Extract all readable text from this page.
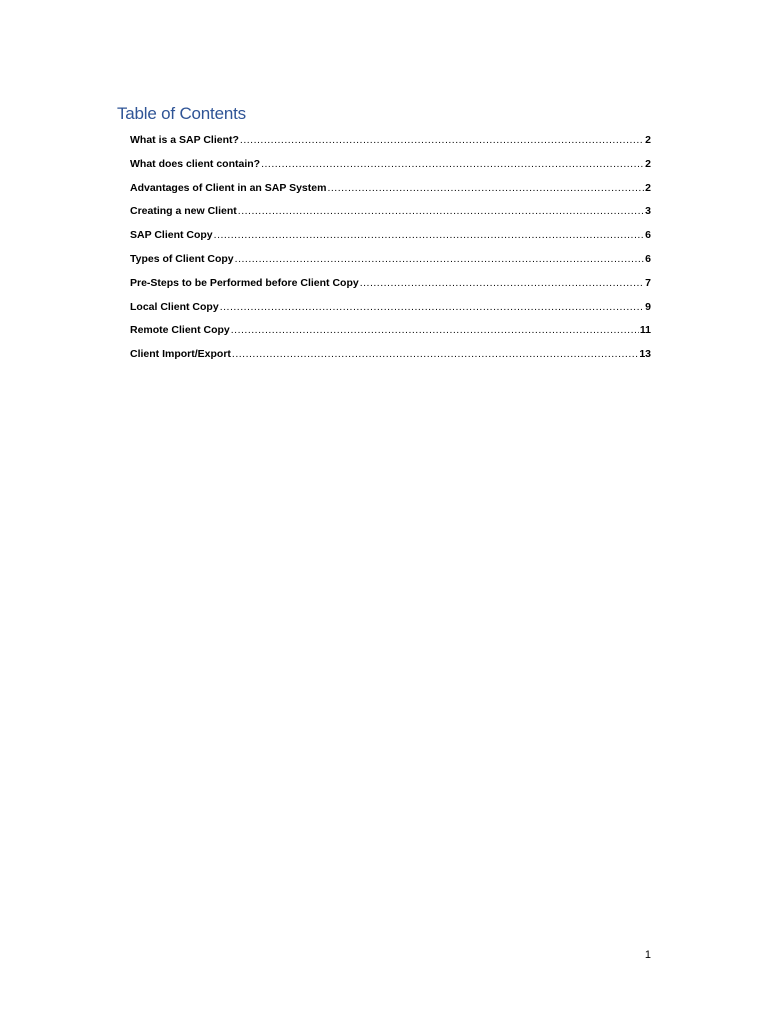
Table of Contents
What is a SAP Client? .....	2
What does client contain? .....	2
Advantages of Client in an SAP System .....	2
Creating a new Client .....	3
SAP Client Copy .....	6
Types of Client Copy .....	6
Pre-Steps to be Performed before Client Copy .....	7
Local Client Copy .....	9
Remote Client Copy .....	11
Client Import/Export .....	13
1
